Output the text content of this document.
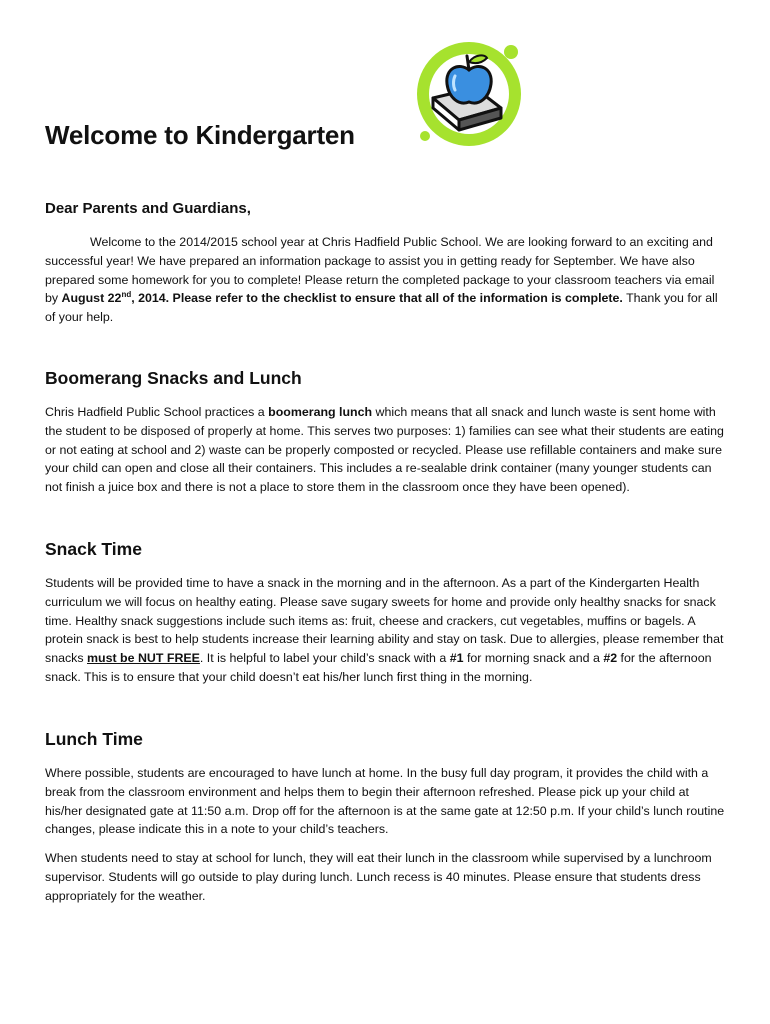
Welcome to Kindergarten
Dear Parents and Guardians,

Welcome to the 2014/2015 school year at Chris Hadfield Public School. We are looking forward to an exciting and successful year! We have prepared an information package to assist you in getting ready for September. We have also prepared some homework for you to complete! Please return the completed package to your classroom teachers via email by August 22nd, 2014. Please refer to the checklist to ensure that all of the information is complete. Thank you for all of your help.

Boomerang Snacks and Lunch

Chris Hadfield Public School practices a boomerang lunch which means that all snack and lunch waste is sent home with the student to be disposed of properly at home. This serves two purposes: 1) families can see what their students are eating or not eating at school and 2) waste can be properly composted or recycled. Please use refillable containers and make sure your child can open and close all their containers. This includes a re-sealable drink container (many younger students can not finish a juice box and there is not a place to store them in the classroom once they have been opened).

Snack Time

Students will be provided time to have a snack in the morning and in the afternoon. As a part of the Kindergarten Health curriculum we will focus on healthy eating. Please save sugary sweets for home and provide only healthy snacks for snack time. Healthy snack suggestions include such items as: fruit, cheese and crackers, cut vegetables, muffins or bagels. A protein snack is best to help students increase their learning ability and stay on task. Due to allergies, please remember that snacks must be NUT FREE. It is helpful to label your child’s snack with a #1 for morning snack and a #2 for the afternoon snack. This is to ensure that your child doesn’t eat his/her lunch first thing in the morning.

Lunch Time

Where possible, students are encouraged to have lunch at home. In the busy full day program, it provides the child with a break from the classroom environment and helps them to begin their afternoon refreshed. Please pick up your child at his/her designated gate at 11:50 a.m. Drop off for the afternoon is at the same gate at 12:50 p.m. If your child’s lunch routine changes, please indicate this in a note to your child’s teachers.

When students need to stay at school for lunch, they will eat their lunch in the classroom while supervised by a lunchroom supervisor. Students will go outside to play during lunch. Lunch recess is 40 minutes. Please ensure that students dress appropriately for the weather.
